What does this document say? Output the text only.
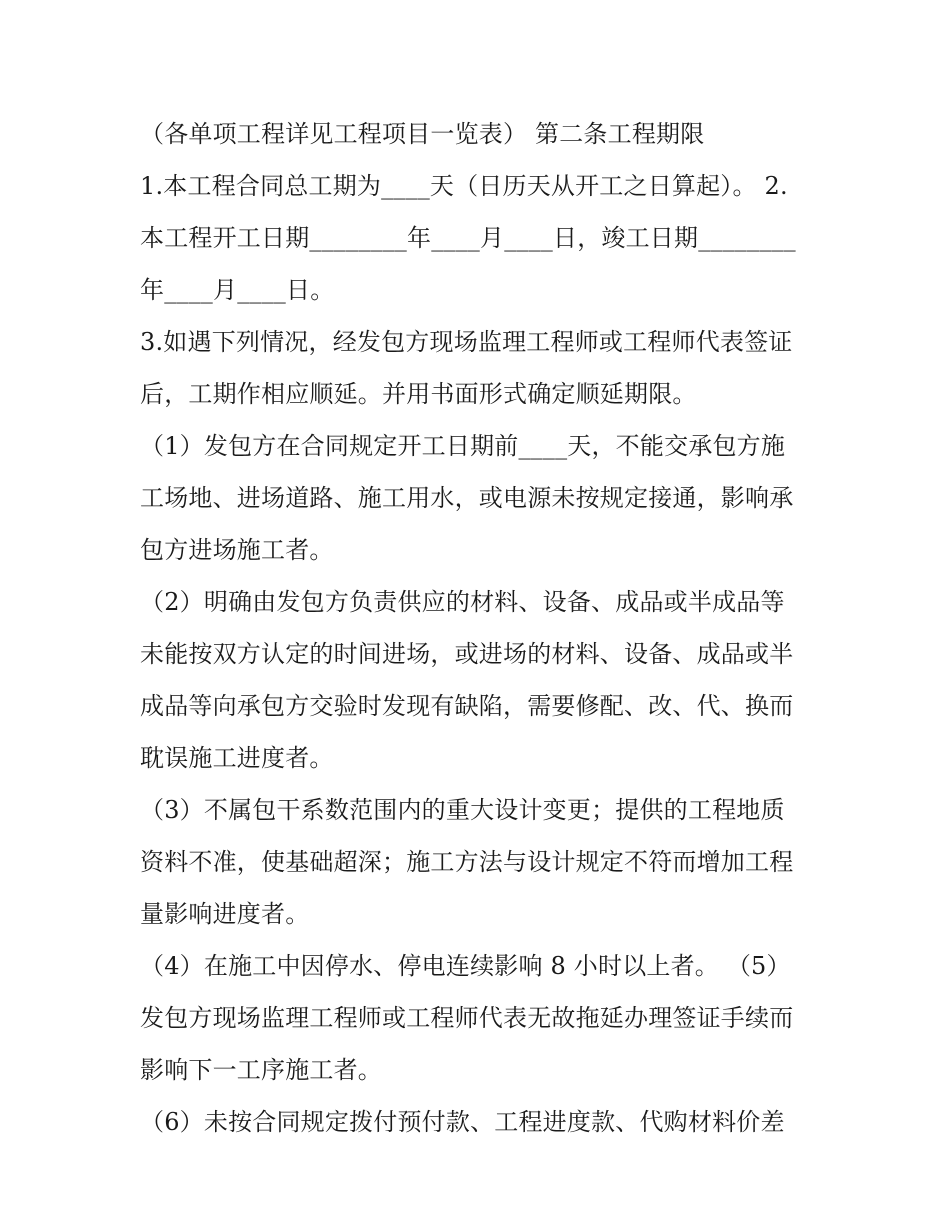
（各单项工程详见工程项目一览表） 第二条工程期限
1.本工程合同总工期为____天（日历天从开工之日算起）。 2.
本工程开工日期________年____月____日，竣工日期________
年____月____日。
3.如遇下列情况，经发包方现场监理工程师或工程师代表签证
后，工期作相应顺延。并用书面形式确定顺延期限。
（1）发包方在合同规定开工日期前____天，不能交承包方施
工场地、进场道路、施工用水，或电源未按规定接通，影响承
包方进场施工者。
（2）明确由发包方负责供应的材料、设备、成品或半成品等
未能按双方认定的时间进场，或进场的材料、设备、成品或半
成品等向承包方交验时发现有缺陷，需要修配、改、代、换而
耽误施工进度者。
（3）不属包干系数范围内的重大设计变更；提供的工程地质
资料不准，使基础超深；施工方法与设计规定不符而增加工程
量影响进度者。
（4）在施工中因停水、停电连续影响 8 小时以上者。 （5）
发包方现场监理工程师或工程师代表无故拖延办理签证手续而
影响下一工序施工者。
（6）未按合同规定拨付预付款、工程进度款、代购材料价差
